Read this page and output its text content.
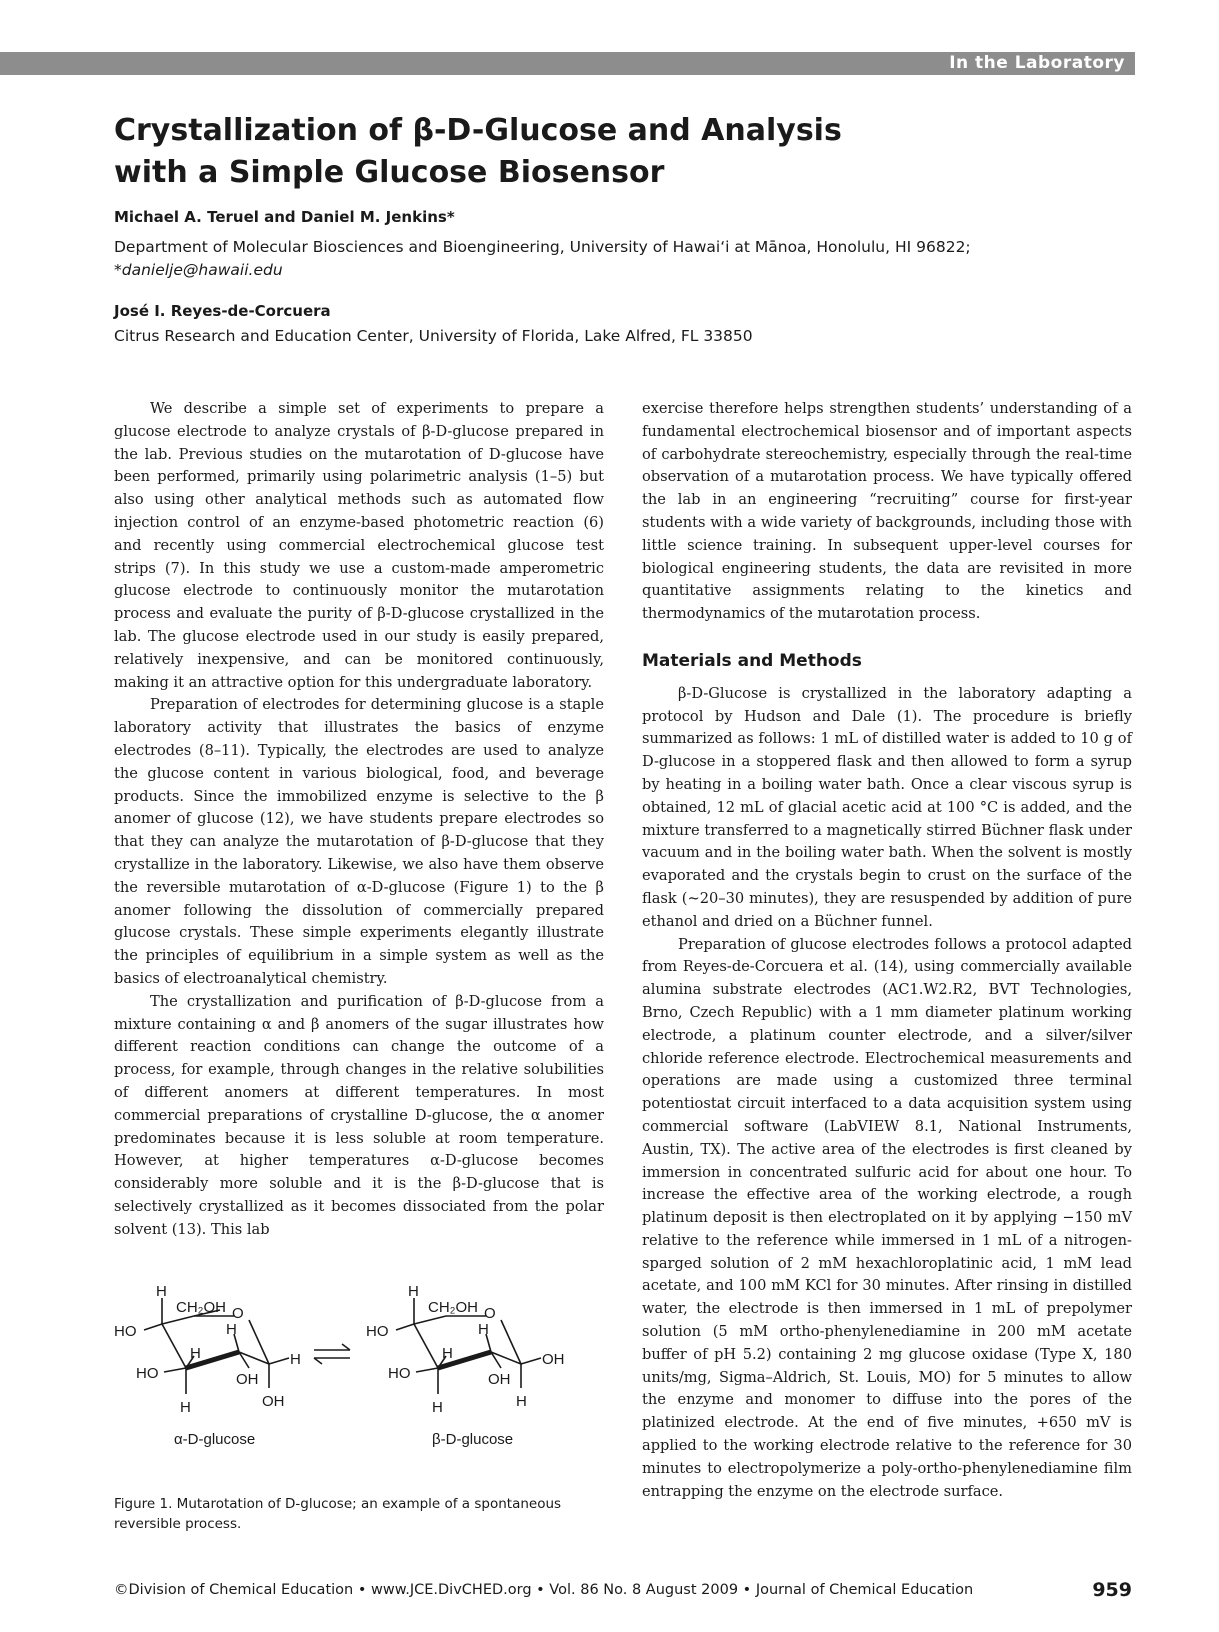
In the Laboratory
Crystallization of β-D-Glucose and Analysis
with a Simple Glucose Biosensor
Michael A. Teruel and Daniel M. Jenkins*
Department of Molecular Biosciences and Bioengineering, University of Hawai‘i at Mānoa, Honolulu, HI 96822;
*danielje@hawaii.edu
José I. Reyes-de-Corcuera
Citrus Research and Education Center, University of Florida, Lake Alfred, FL 33850

We describe a simple set of experiments to prepare a glucose electrode to analyze crystals of β-D-glucose prepared in the lab. Previous studies on the mutarotation of D-glucose have been performed, primarily using polarimetric analysis (1–5) but also using other analytical methods such as automated flow injection control of an enzyme-based photometric reaction (6) and recently using commercial electrochemical glucose test strips (7). In this study we use a custom-made amperometric glucose electrode to continuously monitor the mutarotation process and evaluate the purity of β-D-glucose crystallized in the lab. The glucose electrode used in our study is easily prepared, relatively inexpensive, and can be monitored continuously, making it an attractive option for this undergraduate laboratory.

Preparation of electrodes for determining glucose is a staple laboratory activity that illustrates the basics of enzyme electrodes (8–11). Typically, the electrodes are used to analyze the glucose content in various biological, food, and beverage products. Since the immobilized enzyme is selective to the β anomer of glucose (12), we have students prepare electrodes so that they can analyze the mutarotation of β-D-glucose that they crystallize in the laboratory. Likewise, we also have them observe the reversible mutarotation of α-D-glucose (Figure 1) to the β anomer following the dissolution of commercially prepared glucose crystals. These simple experiments elegantly illustrate the principles of equilibrium in a simple system as well as the basics of electroanalytical chemistry.

The crystallization and purification of β-D-glucose from a mixture containing α and β anomers of the sugar illustrates how different reaction conditions can change the outcome of a process, for example, through changes in the relative solubilities of different anomers at different temperatures. In most commercial preparations of crystalline D-glucose, the α anomer predominates because it is less soluble at room temperature. However, at higher temperatures α-D-glucose becomes considerably more soluble and it is the β-D-glucose that is selectively crystallized as it becomes dissociated from the polar solvent (13). This lab

exercise therefore helps strengthen students’ understanding of a fundamental electrochemical biosensor and of important aspects of carbohydrate stereochemistry, especially through the real-time observation of a mutarotation process. We have typically offered the lab in an engineering “recruiting” course for first-year students with a wide variety of backgrounds, including those with little science training. In subsequent upper-level courses for biological engineering students, the data are revisited in more quantitative assignments relating to the kinetics and thermodynamics of the mutarotation process.

Materials and Methods

β-D-Glucose is crystallized in the laboratory adapting a protocol by Hudson and Dale (1). The procedure is briefly summarized as follows: 1 mL of distilled water is added to 10 g of D-glucose in a stoppered flask and then allowed to form a syrup by heating in a boiling water bath. Once a clear viscous syrup is obtained, 12 mL of glacial acetic acid at 100 °C is added, and the mixture transferred to a magnetically stirred Büchner flask under vacuum and in the boiling water bath. When the solvent is mostly evaporated and the crystals begin to crust on the surface of the flask (~20–30 minutes), they are resuspended by addition of pure ethanol and dried on a Büchner funnel.

Preparation of glucose electrodes follows a protocol adapted from Reyes-de-Corcuera et al. (14), using commercially available alumina substrate electrodes (AC1.W2.R2, BVT Technologies, Brno, Czech Republic) with a 1 mm diameter platinum working electrode, a platinum counter electrode, and a silver/silver chloride reference electrode. Electrochemical measurements and operations are made using a customized three terminal potentiostat circuit interfaced to a data acquisition system using commercial software (LabVIEW 8.1, National Instruments, Austin, TX). The active area of the electrodes is first cleaned by immersion in concentrated sulfuric acid for about one hour. To increase the effective area of the working electrode, a rough platinum deposit is then electroplated on it by applying −150 mV relative to the reference while immersed in 1 mL of a nitrogen-sparged solution of 2 mM hexachloroplatinic acid, 1 mM lead acetate, and 100 mM KCl for 30 minutes. After rinsing in distilled water, the electrode is then immersed in 1 mL of prepolymer solution (5 mM ortho-phenylenediamine in 200 mM acetate buffer of pH 5.2) containing 2 mg glucose oxidase (Type X, 180 units/mg, Sigma–Aldrich, St. Louis, MO) for 5 minutes to allow the enzyme and monomer to diffuse into the pores of the platinized electrode. At the end of five minutes, +650 mV is applied to the working electrode relative to the reference for 30 minutes to electropolymerize a poly-ortho-phenylenediamine film entrapping the enzyme on the electrode surface.

H
CH₂OH O
HO	H
HO
H	H
OH
H	OH
H
CH₂OH O
HO	H
HO
H	OH
OH
H	H
α-D-glucose	β-D-glucose
Figure 1. Mutarotation of D-glucose; an example of a spontaneous reversible process.
©Division of Chemical Education • www.JCE.DivCHED.org • Vol. 86 No. 8 August 2009 • Journal of Chemical Education	959
